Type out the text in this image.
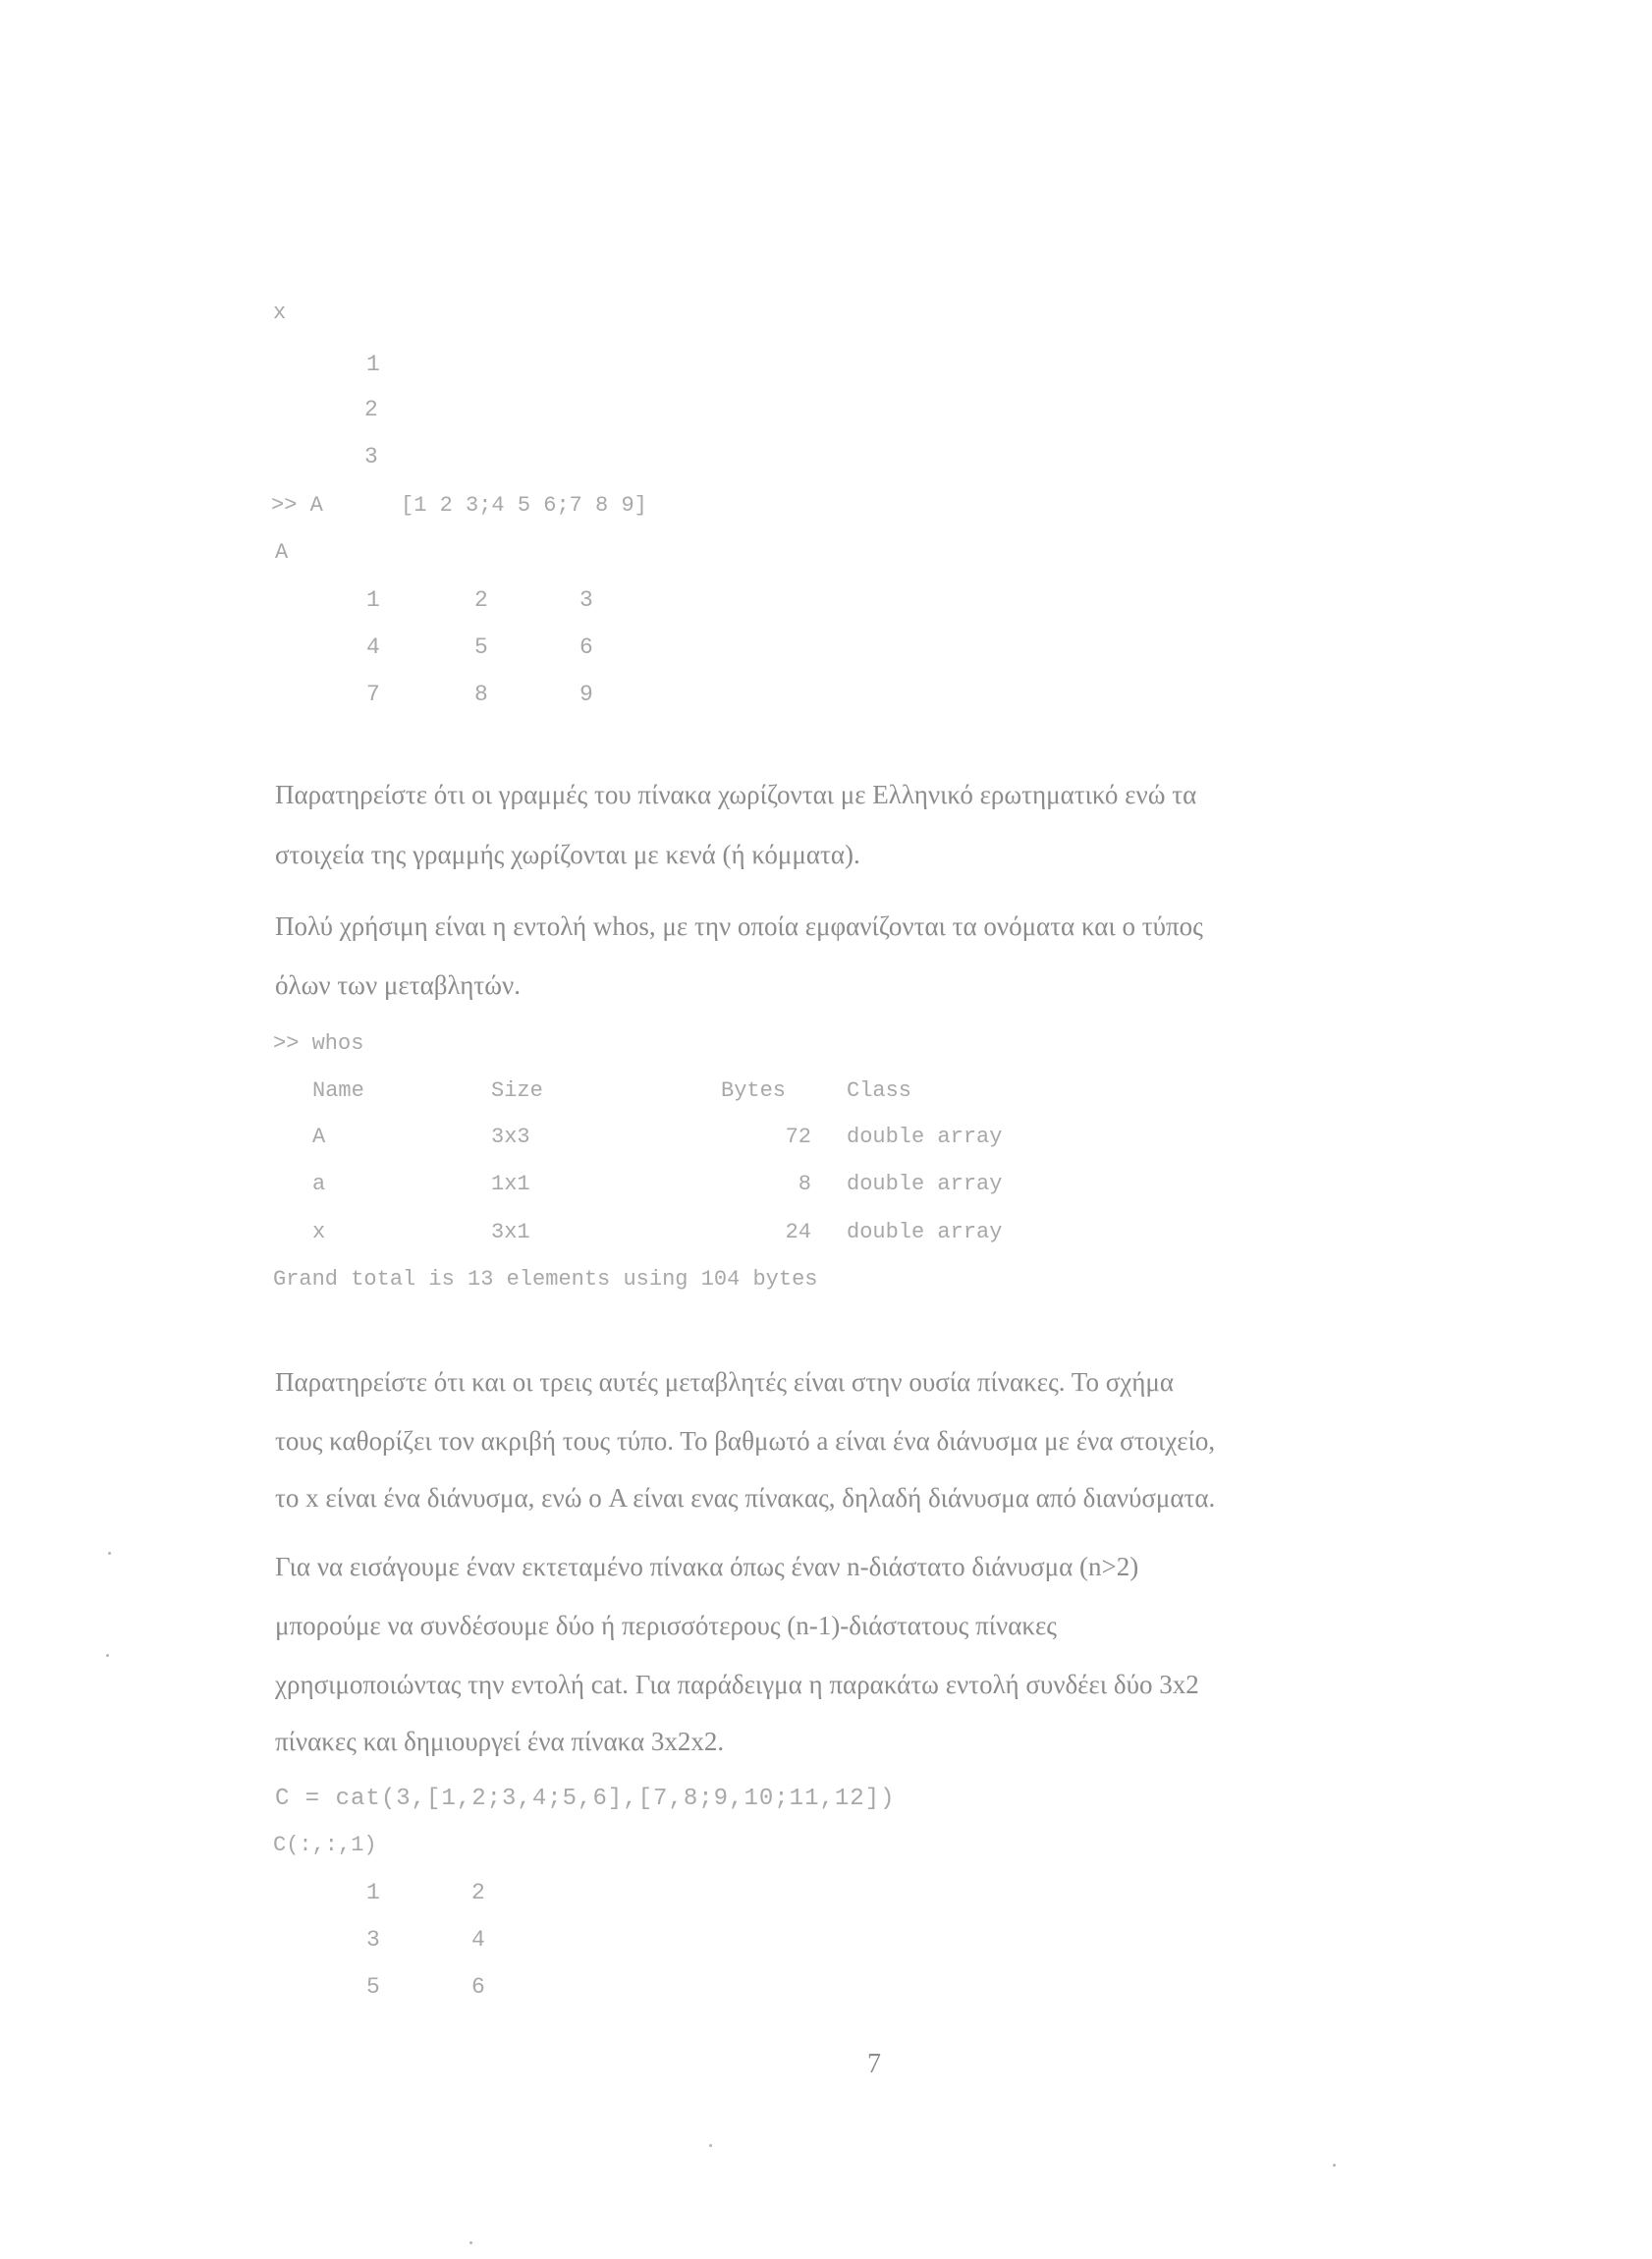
x
1
2
3
>> A      [1 2 3;4 5 6;7 8 9]
A
1	2	3
4	5	6
7	8	9
Παρατηρείστε ότι οι γραμμές του πίνακα χωρίζονται με Ελληνικό ερωτηματικό ενώ τα
στοιχεία της γραμμής χωρίζονται με κενά (ή κόμματα).
Πολύ χρήσιμη είναι η εντολή whos, με την οποία εμφανίζονται τα ονόματα και ο τύπος
όλων των μεταβλητών.
>> whos
Name	Size	Bytes	Class
A	3x3	72 double array
a	1x1	8 double array
x	3x1	24 double array
Grand total is 13 elements using 104 bytes
Παρατηρείστε ότι και οι τρεις αυτές μεταβλητές είναι στην ουσία πίνακες. Το σχήμα
τους καθορίζει τον ακριβή τους τύπο. Το βαθμωτό a είναι ένα διάνυσμα με ένα στοιχείο,
το x είναι ένα διάνυσμα, ενώ ο A είναι ενας πίνακας, δηλαδή διάνυσμα από διανύσματα.
Για να εισάγουμε έναν εκτεταμένο πίνακα όπως έναν n-διάστατο διάνυσμα (n>2)
μπορούμε να συνδέσουμε δύο ή περισσότερους (n-1)-διάστατους πίνακες
χρησιμοποιώντας την εντολή cat. Για παράδειγμα η παρακάτω εντολή συνδέει δύο 3x2
πίνακες και δημιουργεί ένα πίνακα 3x2x2.
C = cat(3,[1,2;3,4;5,6],[7,8;9,10;11,12])
C(:,:,1)
1	2
3	4
5	6
7
